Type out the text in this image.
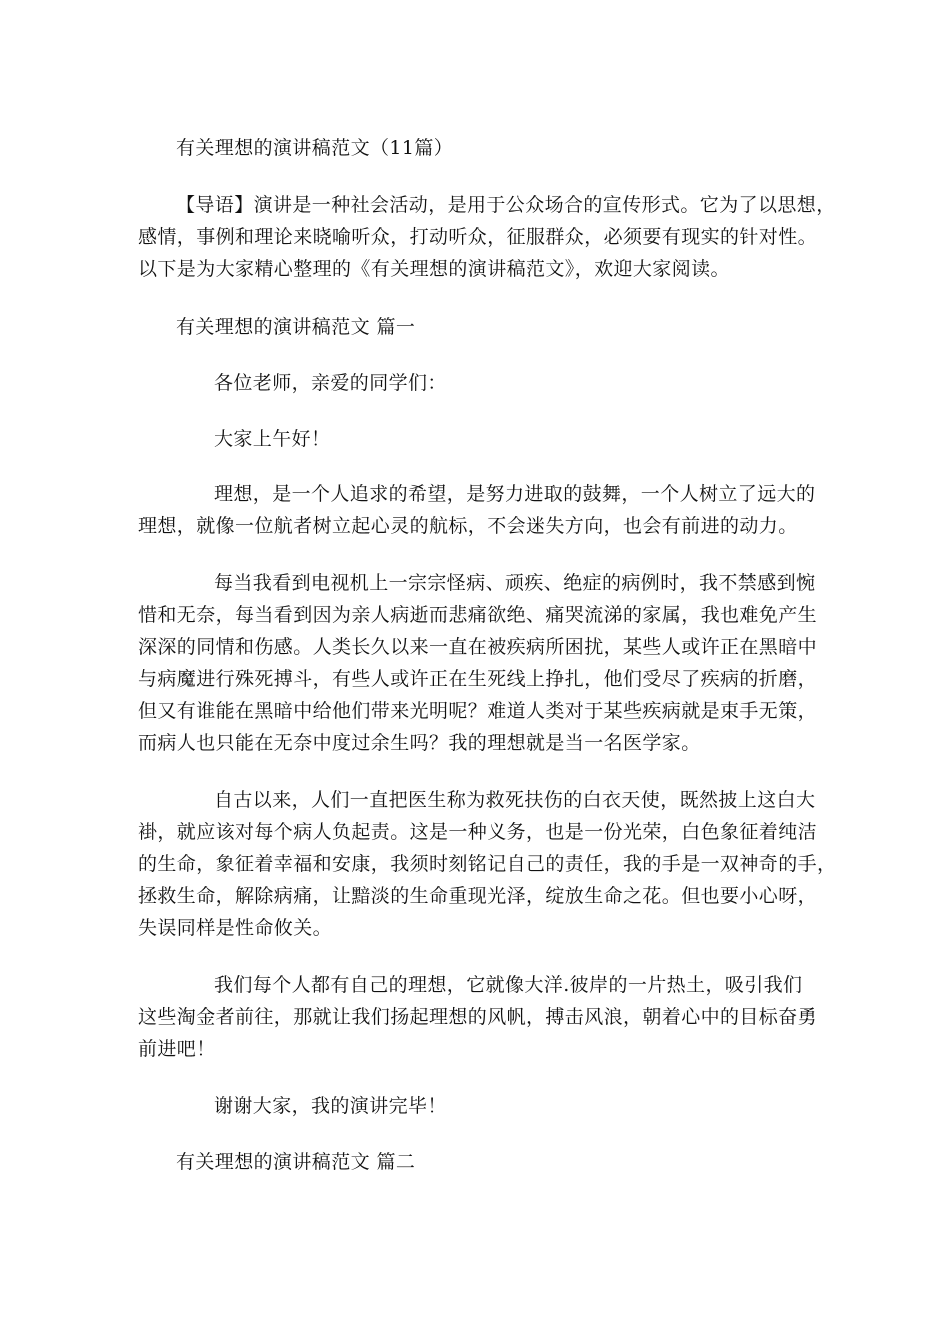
有关理想的演讲稿范文（11篇）
【导语】演讲是一种社会活动，是用于公众场合的宣传形式。它为了以思想，
感情，事例和理论来晓喻听众，打动听众，征服群众，必须要有现实的针对性。
以下是为大家精心整理的《有关理想的演讲稿范文》，欢迎大家阅读。
有关理想的演讲稿范文 篇一
各位老师，亲爱的同学们：
大家上午好！
理想，是一个人追求的希望，是努力进取的鼓舞，一个人树立了远大的
理想，就像一位航者树立起心灵的航标，不会迷失方向，也会有前进的动力。
每当我看到电视机上一宗宗怪病、顽疾、绝症的病例时，我不禁感到惋
惜和无奈，每当看到因为亲人病逝而悲痛欲绝、痛哭流涕的家属，我也难免产生
深深的同情和伤感。人类长久以来一直在被疾病所困扰，某些人或许正在黑暗中
与病魔进行殊死搏斗，有些人或许正在生死线上挣扎，他们受尽了疾病的折磨，
但又有谁能在黑暗中给他们带来光明呢？难道人类对于某些疾病就是束手无策，
而病人也只能在无奈中度过余生吗？我的理想就是当一名医学家。
自古以来，人们一直把医生称为救死扶伤的白衣天使，既然披上这白大
褂，就应该对每个病人负起责。这是一种义务，也是一份光荣，白色象征着纯洁
的生命，象征着幸福和安康，我须时刻铭记自己的责任，我的手是一双神奇的手，
拯救生命，解除病痛，让黯淡的生命重现光泽，绽放生命之花。但也要小心呀，
失误同样是性命攸关。
我们每个人都有自己的理想，它就像大洋.彼岸的一片热土，吸引我们
这些淘金者前往，那就让我们扬起理想的风帆，搏击风浪，朝着心中的目标奋勇
前进吧！
谢谢大家，我的演讲完毕！
有关理想的演讲稿范文 篇二
